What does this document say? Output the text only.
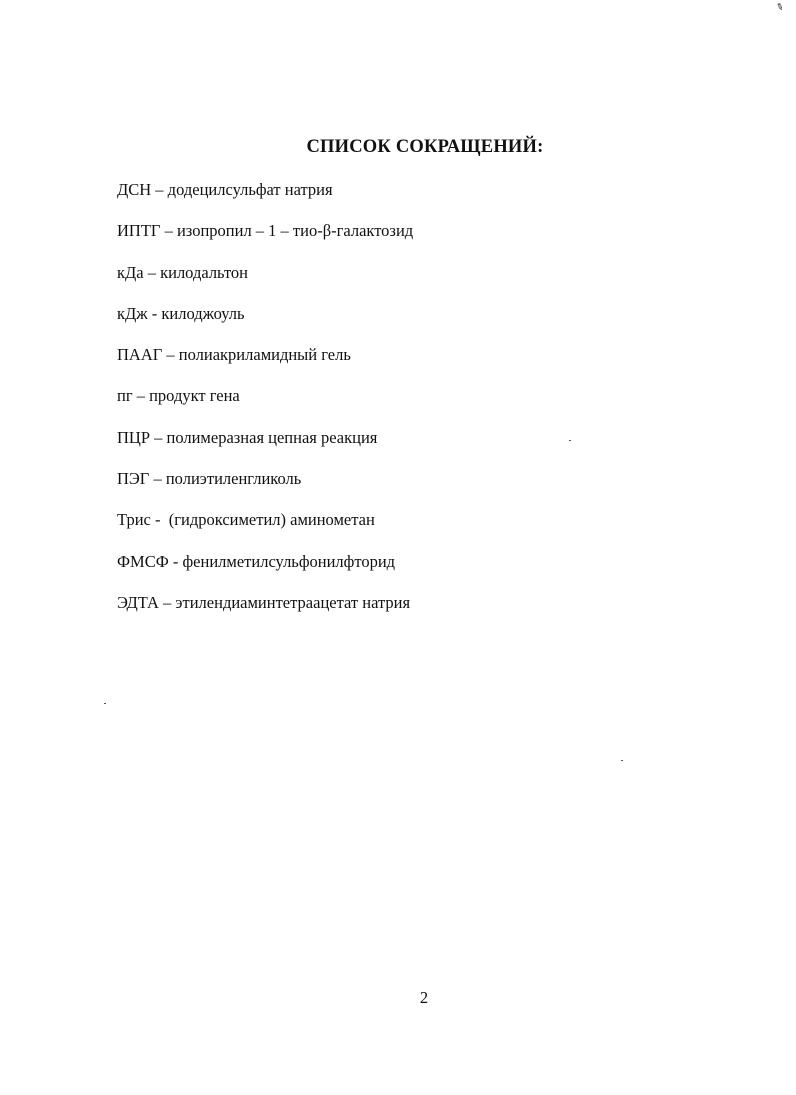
✎
СПИСОК СОКРАЩЕНИЙ:
ДСН – додецилсульфат натрия
ИПТГ – изопропил – 1 – тио-β-галактозид
кДа – килодальтон
кДж - килоджоуль
ПААГ – полиакриламидный гель
пг – продукт гена
ПЦР – полимеразная цепная реакция
ПЭГ – полиэтиленгликоль
Трис -  (гидроксиметил) аминометан
ФМСФ - фенилметилсульфонилфторид
ЭДТА – этилендиаминтетраацетат натрия
2
